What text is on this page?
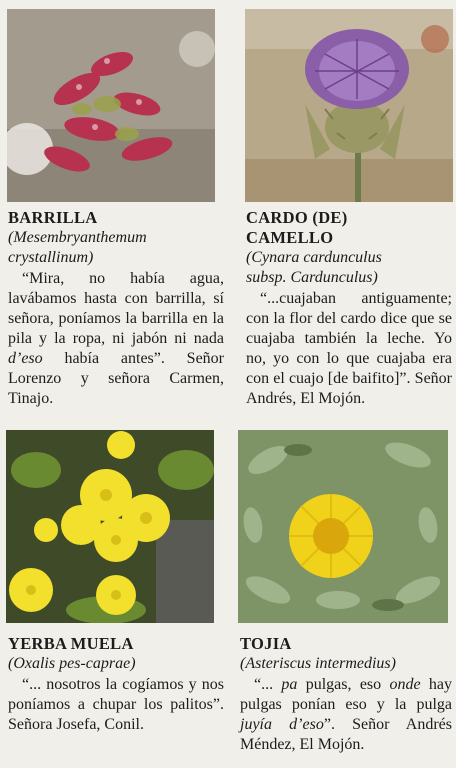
BARRILLA

(Mesembryanthemum
crystallinum)

“Mira, no había agua, lavábamos hasta con barrilla, sí señora, poníamos la barrilla en la pila y la ropa, ni jabón ni nada d’eso había antes”. Señor Lorenzo y señora Carmen, Tinajo.

CARDO (DE)
CAMELLO

(Cynara cardunculus
subsp. Cardunculus)

“...cuajaban antiguamente; con la flor del cardo dice que se cuajaba también la leche. Yo no, yo con lo que cuajaba era con el cuajo [de baifito]”. Señor Andrés, El Mojón.

YERBA MUELA

(Oxalis pes-caprae)

“... nosotros la cogíamos y nos poníamos a chupar los palitos”. Señora Josefa, Conil.

TOJIA

(Asteriscus intermedius)

“... pa pulgas, eso onde hay pulgas ponían eso y la pulga juyía d’eso”. Señor Andrés Méndez, El Mojón.
